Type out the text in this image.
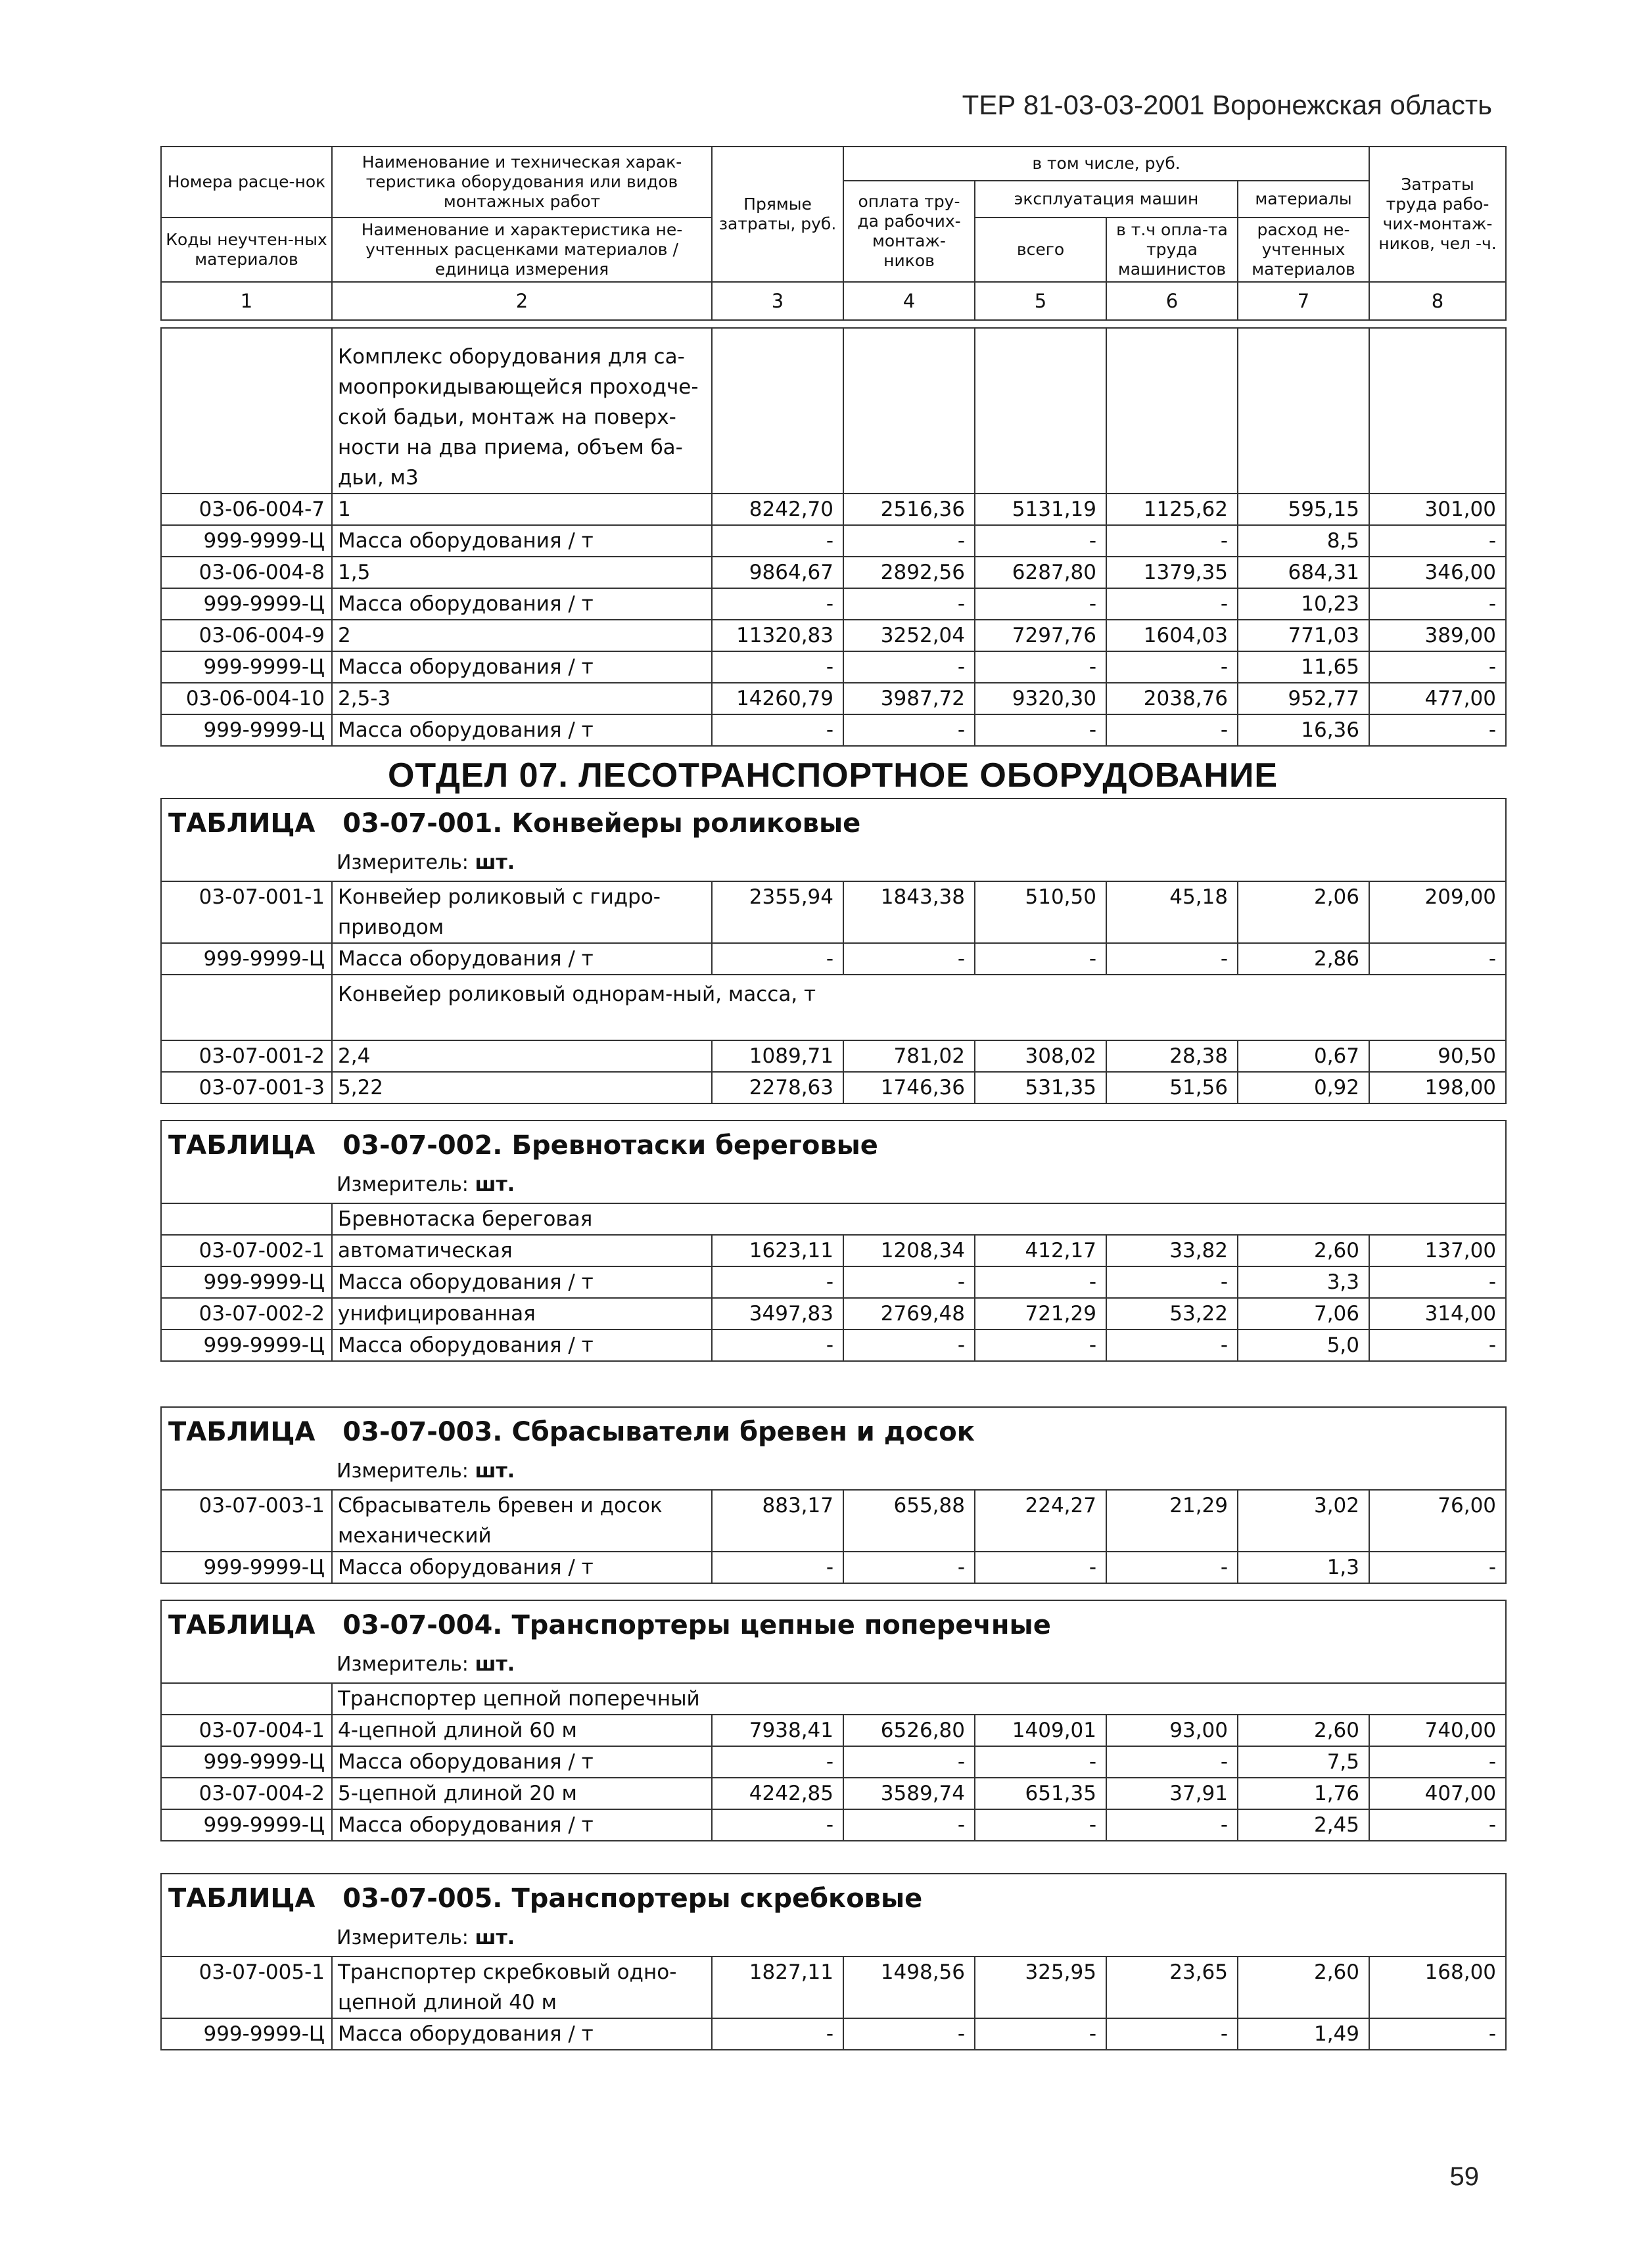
ТЕР 81-03-03-2001 Воронежская область
Номера расце-нок	Наименование и техническая харак-теристика оборудования или видов монтажных работ	Прямые затраты, руб.	в том числе, руб.				Затраты труда рабо-чих-монтаж-ников, чел -ч.
			оплата тру-да рабочих-монтаж-ников	эксплуатация машин		материалы	
Коды неучтен-ных материалов	Наименование и характеристика не-учтенных расценками материалов / единица измерения			всего	в т.ч опла-та труда машинистов	расход не-учтенных материалов	

1	2	3	4	5	6	7	8
	Комплекс оборудования для са-моопрокидывающейся проходче-ской бадьи, монтаж на поверх-ности на два приема, объем ба-дьи, м3						
03-06-004-7	1	8242,70	2516,36	5131,19	1125,62	595,15	301,00
999-9999-Ц	Масса оборудования / т	-	-	-	-	8,5	-
03-06-004-8	1,5	9864,67	2892,56	6287,80	1379,35	684,31	346,00
999-9999-Ц	Масса оборудования / т	-	-	-	-	10,23	-
03-06-004-9	2	11320,83	3252,04	7297,76	1604,03	771,03	389,00
999-9999-Ц	Масса оборудования / т	-	-	-	-	11,65	-
03-06-004-10	2,5-3	14260,79	3987,72	9320,30	2038,76	952,77	477,00
999-9999-Ц	Масса оборудования / т	-	-	-	-	16,36	-
ОТДЕЛ 07. ЛЕСОТРАНСПОРТНОЕ ОБОРУДОВАНИЕ
ТАБЛИЦА 03-07-001. Конвейеры роликовые							
Измеритель: шт.							
03-07-001-1	Конвейер роликовый с гидро-приводом	2355,94	1843,38	510,50	45,18	2,06	209,00
999-9999-Ц	Масса оборудования / т	-	-	-	-	2,86	-
	Конвейер роликовый однорам-ный, масса, т						
03-07-001-2	2,4	1089,71	781,02	308,02	28,38	0,67	90,50
03-07-001-3	5,22	2278,63	1746,36	531,35	51,56	0,92	198,00
ТАБЛИЦА 03-07-002. Бревнотаски береговые							
Измеритель: шт.							
	Бревнотаска береговая						
03-07-002-1	автоматическая	1623,11	1208,34	412,17	33,82	2,60	137,00
999-9999-Ц	Масса оборудования / т	-	-	-	-	3,3	-
03-07-002-2	унифицированная	3497,83	2769,48	721,29	53,22	7,06	314,00
999-9999-Ц	Масса оборудования / т	-	-	-	-	5,0	-
ТАБЛИЦА 03-07-003. Сбрасыватели бревен и досок							
Измеритель: шт.							
03-07-003-1	Сбрасыватель бревен и досок механический	883,17	655,88	224,27	21,29	3,02	76,00
999-9999-Ц	Масса оборудования / т	-	-	-	-	1,3	-
ТАБЛИЦА 03-07-004. Транспортеры цепные поперечные							
Измеритель: шт.							
	Транспортер цепной поперечный						
03-07-004-1	4-цепной длиной 60 м	7938,41	6526,80	1409,01	93,00	2,60	740,00
999-9999-Ц	Масса оборудования / т	-	-	-	-	7,5	-
03-07-004-2	5-цепной длиной 20 м	4242,85	3589,74	651,35	37,91	1,76	407,00
999-9999-Ц	Масса оборудования / т	-	-	-	-	2,45	-
ТАБЛИЦА 03-07-005. Транспортеры скребковые							
Измеритель: шт.							
03-07-005-1	Транспортер скребковый одно-цепной длиной 40 м	1827,11	1498,56	325,95	23,65	2,60	168,00
999-9999-Ц	Масса оборудования / т	-	-	-	-	1,49	-
59
